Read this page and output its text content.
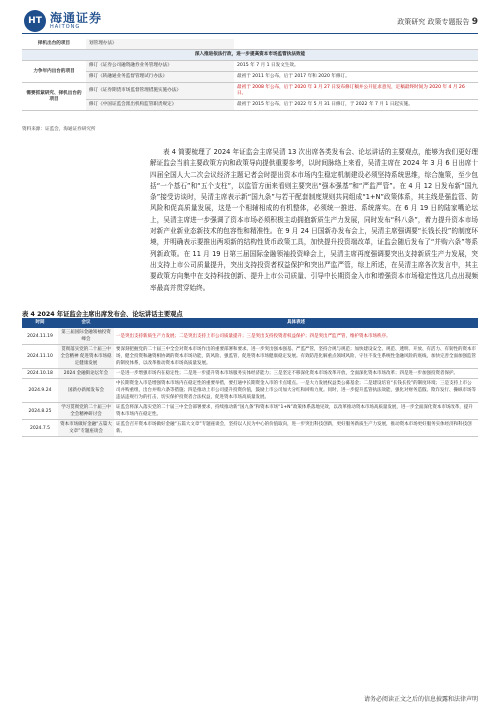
HT 海通证券
HAITONG
政策研究 政策专题报告 9
择机出台的项目	划管理办法》	
深入推进依法行政，进一步提高资本市场监管执法效能		
力争年内出台的项目	修订《证券公司融资融券业务管理办法》	2015 年 7 月 1 日发文生效。
	修订《转融通业务监督管理试行办法》	最初于 2011 年公布，后于 2017 年和 2020 年修订。
需要抓紧研究、择机出台的项目	修订《证券期货市场监督管理措施实施办法》	最初于 2008 年公布，后于 2020 年 3 月 27 日发布修订稿并公开征求意见，定稿最终时间为 2020 年 4 月 26 日。
	修订《中国证监会派出机构监管职责规定》	最初于 2015 年公布，后于 2022 年 5 月 31 日修订，于 2022 年 7 月 1 日起实施。
资料来源：证监会，海通证券研究所
表 4 简要梳理了 2024 年证监会主席吴清 13 次出席各类发布会、论坛讲话的主要观点，能够为我们更好理解证监会当前主要政策方向和政策导向提供重要参考，以时间脉络上来看，吴清主席在 2024 年 3 月 6 日出席十四届全国人大二次会议经济主题记者会时提出资本市场内生稳定机制建设必须坚持系统思维，综合施策，至少包括“一个基石”和“五个支柱”，以监管方面来看则主要突出“强本强基”和“严监严管”。在 4 月 12 日发布新“国九条”接受访谈时，吴清主席表示新“国九条”与若干配套制度规则共同组成“1+N”政策体系，其主线是强监管、防风险和促高质量发展，这是一个相辅相成的有机整体，必须统一推进、系统落实。在 6 月 19 日的陆家嘴论坛上，吴清主席进一步强调了资本市场必须积极主动拥抱新质生产力发展，同时发布“科八条”，着力提升资本市场对新产业新业态新技术的包容性和精准性。在 9 月 24 日国新办发布会上，吴清主席强调要“长钱长投”的制度环境，并明确表示要推出两项新的结构性货币政策工具，加快提升投资端改革，证监会随后发布了“并购六条”等系列新政策。在 11 月 19 日第三届国际金融领袖投资峰会上，吴清主席再度强调要突出支持新质生产力发展，突出支持上市公司质量提升，突出支持投资者权益保护和突出严监严管，综上所述，在吴清主席各次发言中，其主要政策方向集中在支持科技创新、提升上市公司质量、引导中长期资金入市和增强资本市场稳定性这几点出现频率最高并贯穿始终。
表 4 2024 年证监会主席出席发布会、论坛讲话主要观点
时间	会议	具体表述
2024.11.19	第三届国际金融领袖投资峰会	一是突出支持新质生产力发展；二是突出支持上市公司质量提升；三是突出支持投资者权益保护；四是突出严监严管，维护资本市场秩序。
2024.11.10	贯彻落实党的二十届三中全会精神 促进资本市场稳定健康发展	要深刻把握党的二十届三中全会对资本市场作出的重要部署和要求。进一步突出强本强基、严监严管，坚持合规与规范；加快建设安全、规范、透明、开放、有活力、有韧性的资本市场，健全投资和融资相协调的资本市场功能，防风险、强监管，促进资本市场健康稳定发展。有效防范化解重点领域风险，守住不发生系统性金融风险的底线，加快完善全面加强监管的制度体系，以改革推动资本市场高质量发展。
2024.10.18	2024 金融街论坛年会	一是进一步增强市场内在稳定性；二是进一步提升资本市场服务实体经济能力；三是坚定不移深化资本市场改革开放，全面深化资本市场改革；四是进一步加强投资者保护。
2024.9.24	国新办新闻发布会	中长期资金入市是增强资本市场内在稳定性的重要举措，要打通中长期资金入市的卡点堵点。一是大力发展权益类公募基金；二是建设培育“长钱长投”的制度环境；三是支持上市公司并购重组，出台并购六条等措施；四是推动上市公司提升投资价值，鼓励上市公司加大分红和回购力度。同时，进一步提升监管执法效能，强化对财务造假、欺诈发行、操纵市场等违法违规行为的打击，切实保护投资者合法权益，促进资本市场高质量发展。
2024.8.25	学习贯彻党的二十届三中全会精神研讨会	证监会将深入落实党的二十届三中全会部署要求，持续推动新“国九条”和资本市场“1+N”政策体系落地见效，以改革推动资本市场高质量发展，进一步全面深化资本市场改革，提升资本市场内在稳定性。
2024.7.5	资本市场做好金融“五篇大文章”专题座谈会	证监会召开资本市场做好金融“五篇大文章”专题座谈会，坚持以人民为中心的价值取向，进一步突出科技创新，更好服务新质生产力发展，推动资本市场更好服务实体经济和科技创新。
请务必阅读正文之后的信息披露和法律声明
